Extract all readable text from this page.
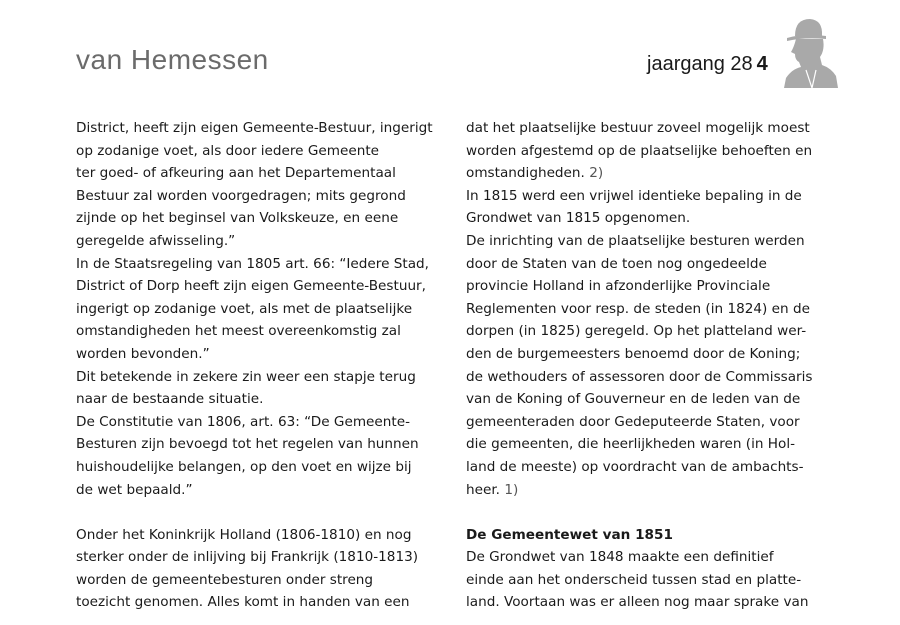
van Hemessen	jaargang 28 4
District, heeft zijn eigen Gemeente-Bestuur, ingerigt
op zodanige voet, als door iedere Gemeente
ter goed- of afkeuring aan het Departementaal
Bestuur zal worden voorgedragen; mits gegrond
zijnde op het beginsel van Volkskeuze, en eene
geregelde afwisseling.”
In de Staatsregeling van 1805 art. 66: “Iedere Stad,
District of Dorp heeft zijn eigen Gemeente-Bestuur,
ingerigt op zodanige voet, als met de plaatselijke
omstandigheden het meest overeenkomstig zal
worden bevonden.”
Dit betekende in zekere zin weer een stapje terug
naar de bestaande situatie.
De Constitutie van 1806, art. 63: “De Gemeente-
Besturen zijn bevoegd tot het regelen van hunnen
huishoudelijke belangen, op den voet en wijze bij
de wet bepaald.”
Onder het Koninkrijk Holland (1806-1810) en nog
sterker onder de inlijving bij Frankrijk (1810-1813)
worden de gemeentebesturen onder streng
toezicht genomen. Alles komt in handen van een
dat het plaatselijke bestuur zoveel mogelijk moest
worden afgestemd op de plaatselijke behoeften en
omstandigheden. 2)
In 1815 werd een vrijwel identieke bepaling in de
Grondwet van 1815 opgenomen.
De inrichting van de plaatselijke besturen werden
door de Staten van de toen nog ongedeelde
provincie Holland in afzonderlijke Provinciale
Reglementen voor resp. de steden (in 1824) en de
dorpen (in 1825) geregeld. Op het platteland wer-
den de burgemeesters benoemd door de Koning;
de wethouders of assessoren door de Commissaris
van de Koning of Gouverneur en de leden van de
gemeenteraden door Gedeputeerde Staten, voor
die gemeenten, die heerlijkheden waren (in Hol-
land de meeste) op voordracht van de ambachts-
heer. 1)
De Gemeentewet van 1851
De Grondwet van 1848 maakte een definitief
einde aan het onderscheid tussen stad en platte-
land. Voortaan was er alleen nog maar sprake van
